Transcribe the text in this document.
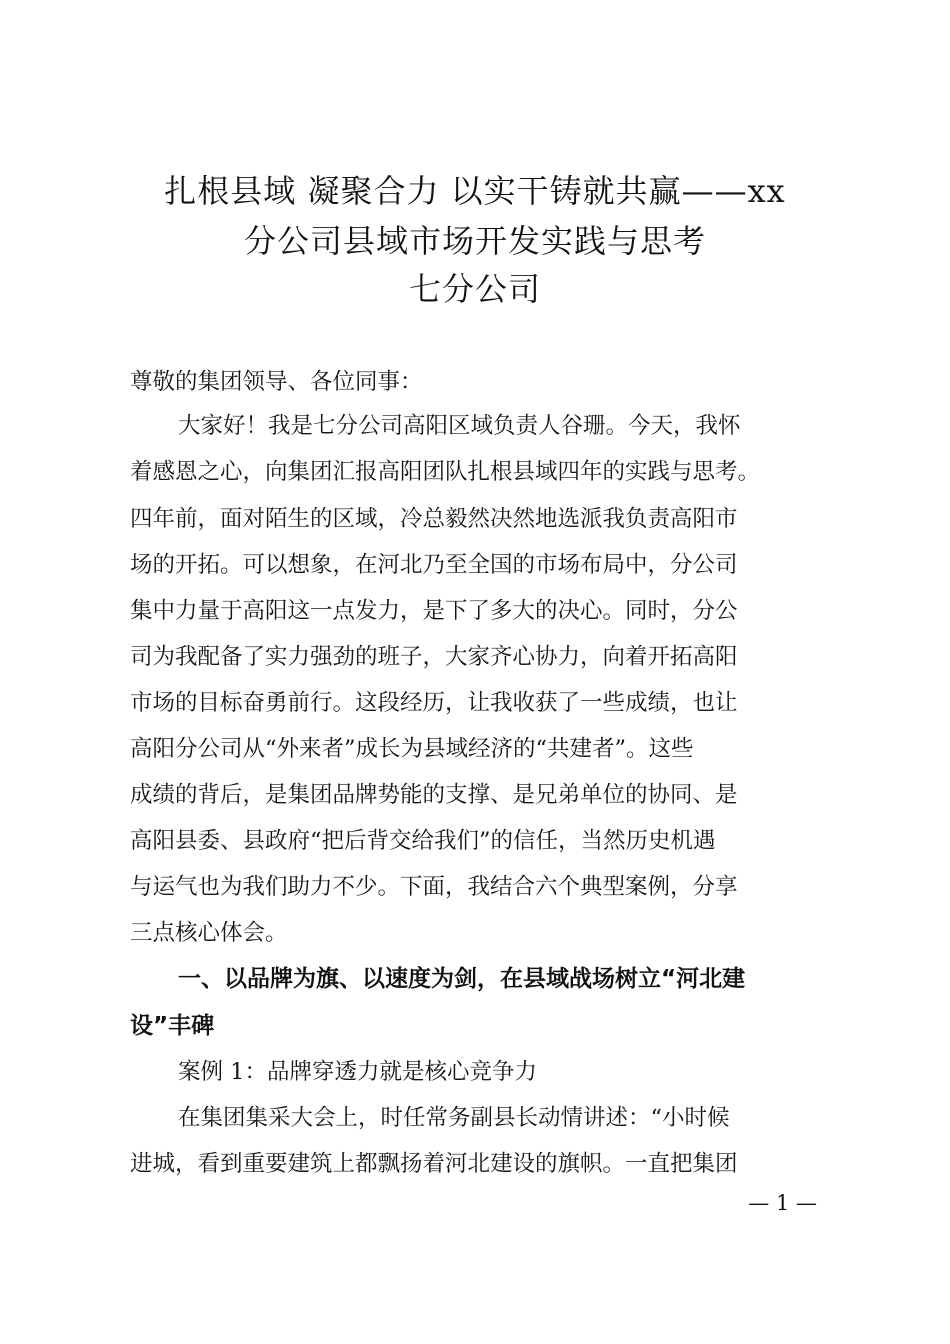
扎根县域 凝聚合力 以实干铸就共赢——xx
分公司县域市场开发实践与思考
七分公司
尊敬的集团领导、各位同事：
大家好！我是七分公司高阳区域负责人谷珊。今天，我怀
着感恩之心，向集团汇报高阳团队扎根县域四年的实践与思考。
四年前，面对陌生的区域，冷总毅然决然地选派我负责高阳市
场的开拓。可以想象，在河北乃至全国的市场布局中，分公司
集中力量于高阳这一点发力，是下了多大的决心。同时，分公
司为我配备了实力强劲的班子，大家齐心协力，向着开拓高阳
市场的目标奋勇前行。这段经历，让我收获了一些成绩，也让
高阳分公司从“外来者”成长为县域经济的“共建者”。这些
成绩的背后，是集团品牌势能的支撑、是兄弟单位的协同、是
高阳县委、县政府“把后背交给我们”的信任，当然历史机遇
与运气也为我们助力不少。下面，我结合六个典型案例，分享
三点核心体会。
一、以品牌为旗、以速度为剑，在县域战场树立“河北建
设”丰碑
案例 1：品牌穿透力就是核心竞争力
在集团集采大会上，时任常务副县长动情讲述：“小时候
进城，看到重要建筑上都飘扬着河北建设的旗帜。一直把集团
— 1 —
